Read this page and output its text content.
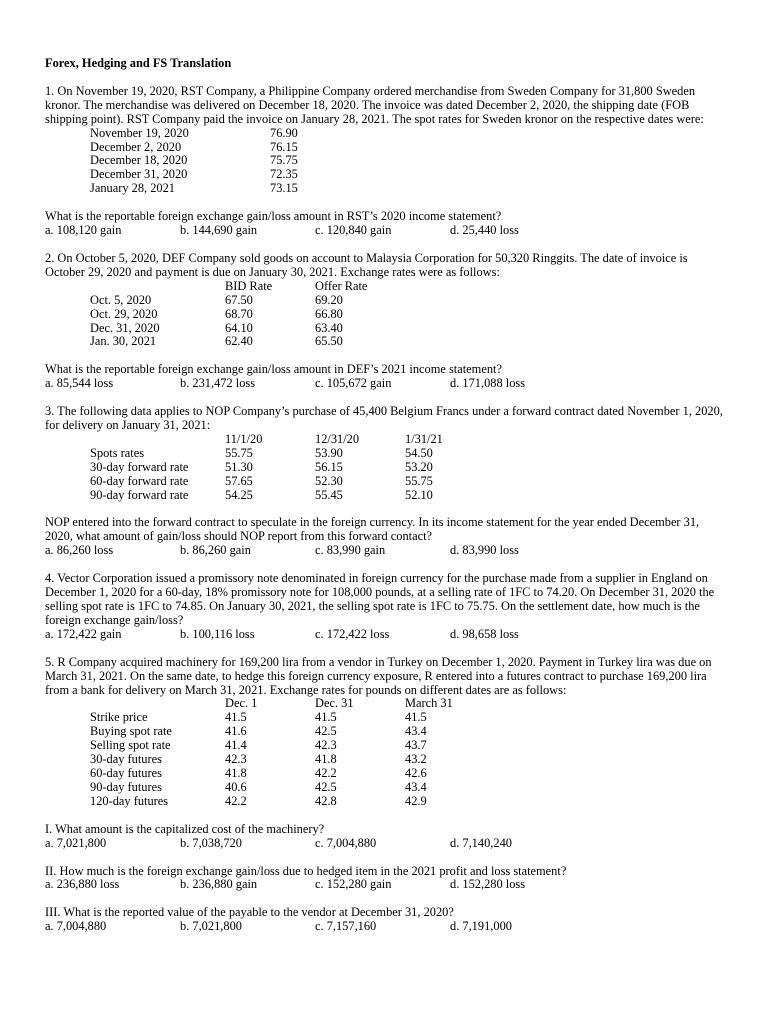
Forex, Hedging and FS Translation

1. On November 19, 2020, RST Company, a Philippine Company ordered merchandise from Sweden Company for 31,800 Sweden kronor. The merchandise was delivered on December 18, 2020. The invoice was dated December 2, 2020, the shipping date (FOB shipping point). RST Company paid the invoice on January 28, 2021. The spot rates for Sweden kronor on the respective dates were:

November 19, 2020	76.90
December 2, 2020	76.15
December 18, 2020	75.75
December 31, 2020	72.35
January 28, 2021	73.15

What is the reportable foreign exchange gain/loss amount in RST’s 2020 income statement?

a. 108,120 gain	b. 144,690 gain	c. 120,840 gain	d. 25,440 loss

2. On October 5, 2020, DEF Company sold goods on account to Malaysia Corporation for 50,320 Ringgits. The date of invoice is October 29, 2020 and payment is due on January 30, 2021. Exchange rates were as follows:

	BID Rate	Offer Rate
Oct. 5, 2020	67.50	69.20
Oct. 29, 2020	68.70	66.80
Dec. 31, 2020	64.10	63.40
Jan. 30, 2021	62.40	65.50

What is the reportable foreign exchange gain/loss amount in DEF’s 2021 income statement?

a. 85,544 loss	b. 231,472 loss	c. 105,672 gain	d. 171,088 loss

3. The following data applies to NOP Company’s purchase of 45,400 Belgium Francs under a forward contract dated November 1, 2020, for delivery on January 31, 2021:

	11/1/20	12/31/20	1/31/21
Spots rates	55.75	53.90	54.50
30-day forward rate	51.30	56.15	53.20
60-day forward rate	57.65	52.30	55.75
90-day forward rate	54.25	55.45	52.10

NOP entered into the forward contract to speculate in the foreign currency. In its income statement for the year ended December 31, 2020, what amount of gain/loss should NOP report from this forward contact?

a. 86,260 loss	b. 86,260 gain	c. 83,990 gain	d. 83,990 loss

4. Vector Corporation issued a promissory note denominated in foreign currency for the purchase made from a supplier in England on December 1, 2020 for a 60-day, 18% promissory note for 108,000 pounds, at a selling rate of 1FC to 74.20. On December 31, 2020 the selling spot rate is 1FC to 74.85. On January 30, 2021, the selling spot rate is 1FC to 75.75. On the settlement date, how much is the foreign exchange gain/loss?

a. 172,422 gain	b. 100,116 loss	c. 172,422 loss	d. 98,658 loss

5. R Company acquired machinery for 169,200 lira from a vendor in Turkey on December 1, 2020. Payment in Turkey lira was due on March 31, 2021. On the same date, to hedge this foreign currency exposure, R entered into a futures contract to purchase 169,200 lira from a bank for delivery on March 31, 2021. Exchange rates for pounds on different dates are as follows:

	Dec. 1	Dec. 31	March 31
Strike price	41.5	41.5	41.5
Buying spot rate	41.6	42.5	43.4
Selling spot rate	41.4	42.3	43.7
30-day futures	42.3	41.8	43.2
60-day futures	41.8	42.2	42.6
90-day futures	40.6	42.5	43.4
120-day futures	42.2	42.8	42.9

I. What amount is the capitalized cost of the machinery?

a. 7,021,800	b. 7,038,720	c. 7,004,880	d. 7,140,240

II. How much is the foreign exchange gain/loss due to hedged item in the 2021 profit and loss statement?

a. 236,880 loss	b. 236,880 gain	c. 152,280 gain	d. 152,280 loss

III. What is the reported value of the payable to the vendor at December 31, 2020?

a. 7,004,880	b. 7,021,800	c. 7,157,160	d. 7,191,000
